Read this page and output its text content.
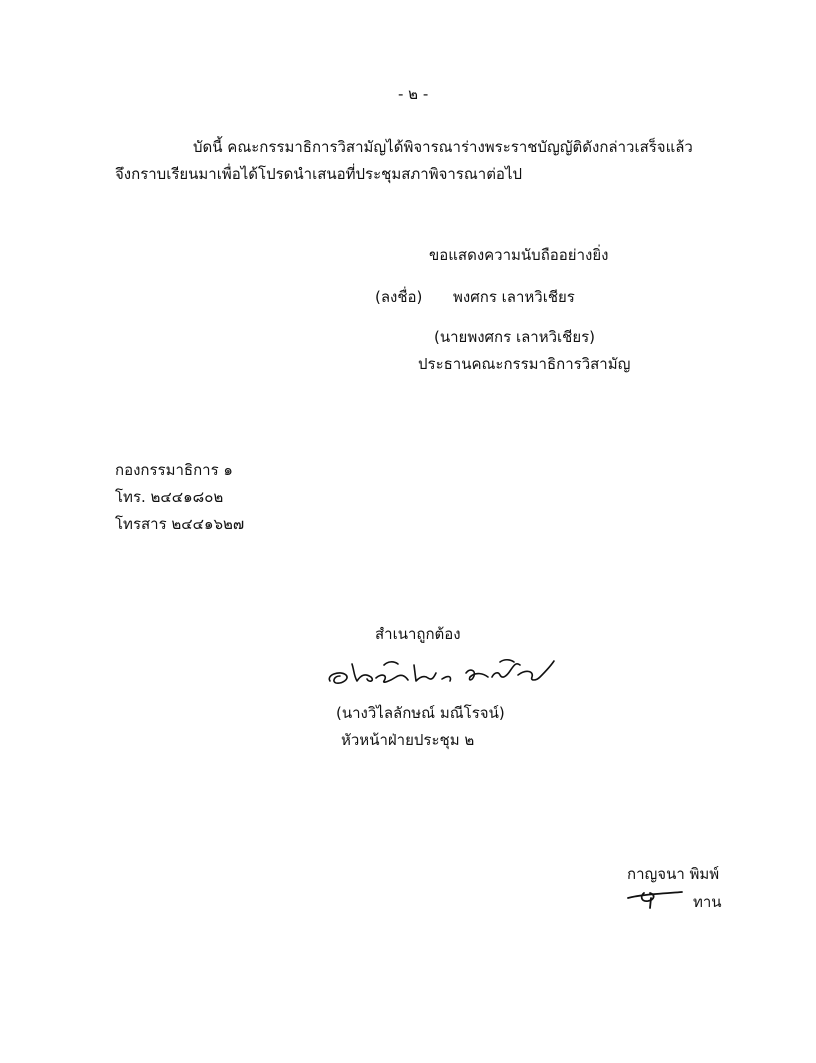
- ๒ -
บัดนี้ คณะกรรมาธิการวิสามัญได้พิจารณาร่างพระราชบัญญัติดังกล่าวเสร็จแล้ว
จึงกราบเรียนมาเพื่อได้โปรดนำเสนอที่ประชุมสภาพิจารณาต่อไป
ขอแสดงความนับถืออย่างยิ่ง
(ลงชื่อ) พงศกร เลาหวิเชียร
(นายพงศกร เลาหวิเชียร)
ประธานคณะกรรมาธิการวิสามัญ
กองกรรมาธิการ ๑
โทร. ๒๔๔๑๘๐๒
โทรสาร ๒๔๔๑๖๒๗
สำเนาถูกต้อง
(นางวิไลลักษณ์ มณีโรจน์)
หัวหน้าฝ่ายประชุม ๒
กาญจนา พิมพ์
ทาน
